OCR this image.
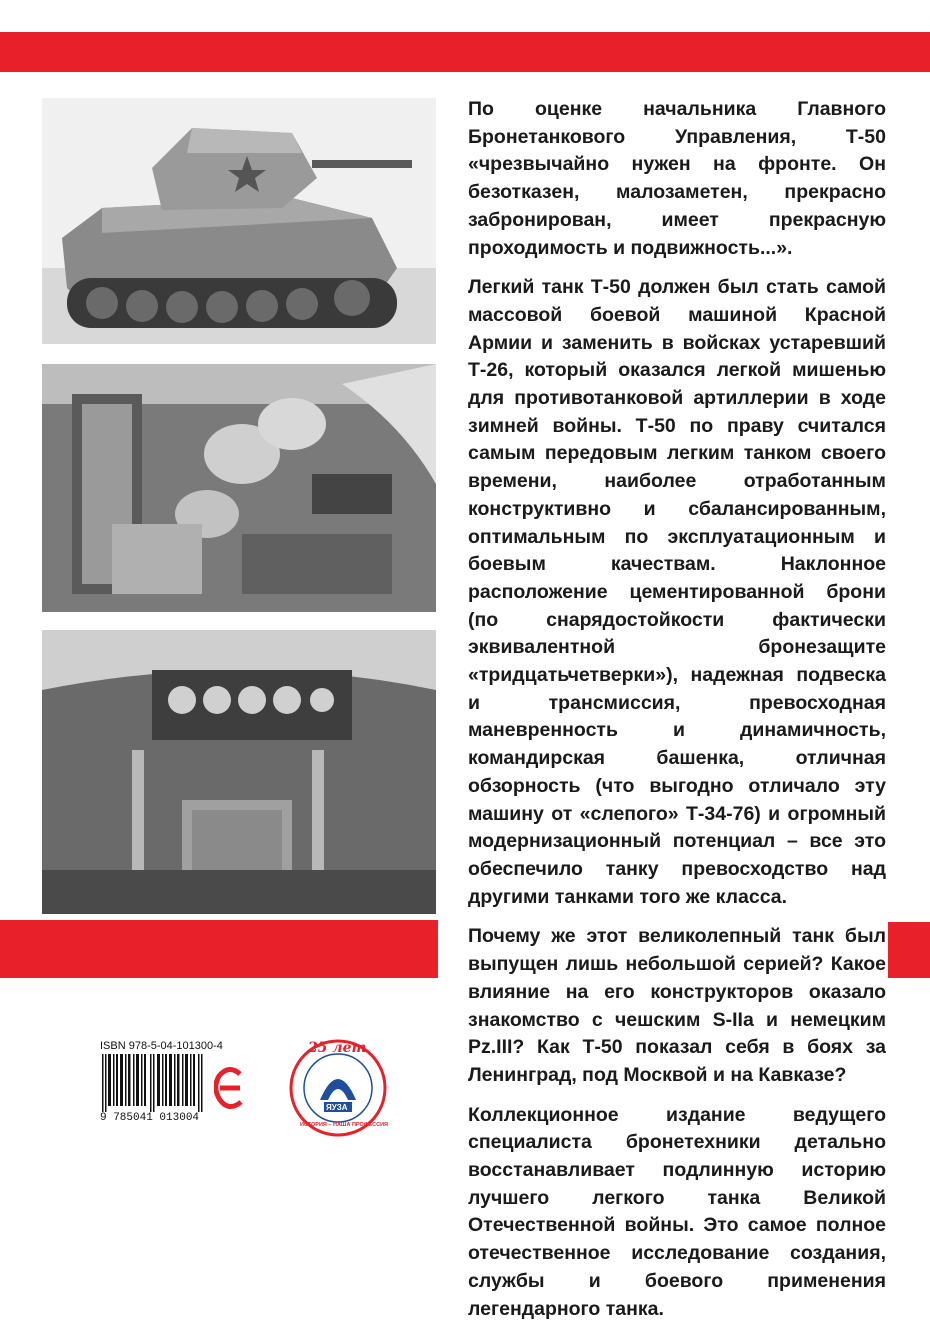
По оценке начальника Главного Бронетанкового Управления, Т-50 «чрезвычайно нужен на фронте. Он безотказен, малозаметен, прекрасно забронирован, имеет прекрасную проходимость и подвижность...».

Легкий танк Т-50 должен был стать самой массовой боевой машиной Красной Армии и заменить в войсках устаревший Т-26, который оказался легкой мишенью для противотанковой артиллерии в ходе зимней войны. Т-50 по праву считался самым передовым легким танком своего времени, наиболее отработанным конструктивно и сбалансированным, оптимальным по эксплуатационным и боевым качествам. Наклонное расположение цементированной брони (по снарядостойкости фактически эквивалентной бронезащите «тридцатьчетверки»), надежная подвеска и трансмиссия, превосходная маневренность и динамичность, командирская башенка, отличная обзорность (что выгодно отличало эту машину от «слепого» Т-34-76) и огромный модернизационный потенциал – все это обеспечило танку превосходство над другими танками того же класса.

Почему же этот великолепный танк был выпущен лишь небольшой серией? Какое влияние на его конструкторов оказало знакомство с чешским S-IIa и немецким Pz.III? Как Т-50 показал себя в боях за Ленинград, под Москвой и на Кавказе?

Коллекционное издание ведущего специалиста бронетехники детально восстанавливает подлинную историю лучшего легкого танка Великой Отечественной войны. Это самое полное отечественное исследование создания, службы и боевого применения легендарного танка.

ISBN 978-5-04-101300-4
9 785041 013004
25 лет
ЯУЗА
ИСТОРИЯ – НАША ПРОФЕССИЯ
